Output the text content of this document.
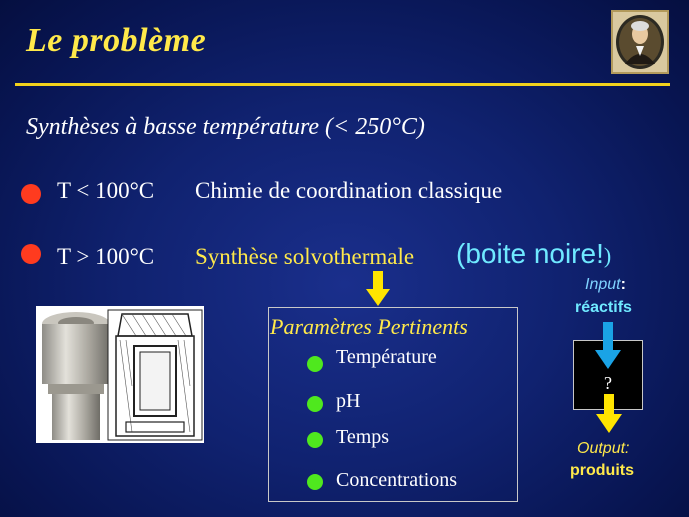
Le problème
Synthèses à basse température (< 250°C)
T < 100°C Chimie de coordination classique
T > 100°C Synthèse solvothermale (boite noire!)
Paramètres Pertinents
Température
pH
Temps
Concentrations
Input:
réactifs
?
Output:
produits
